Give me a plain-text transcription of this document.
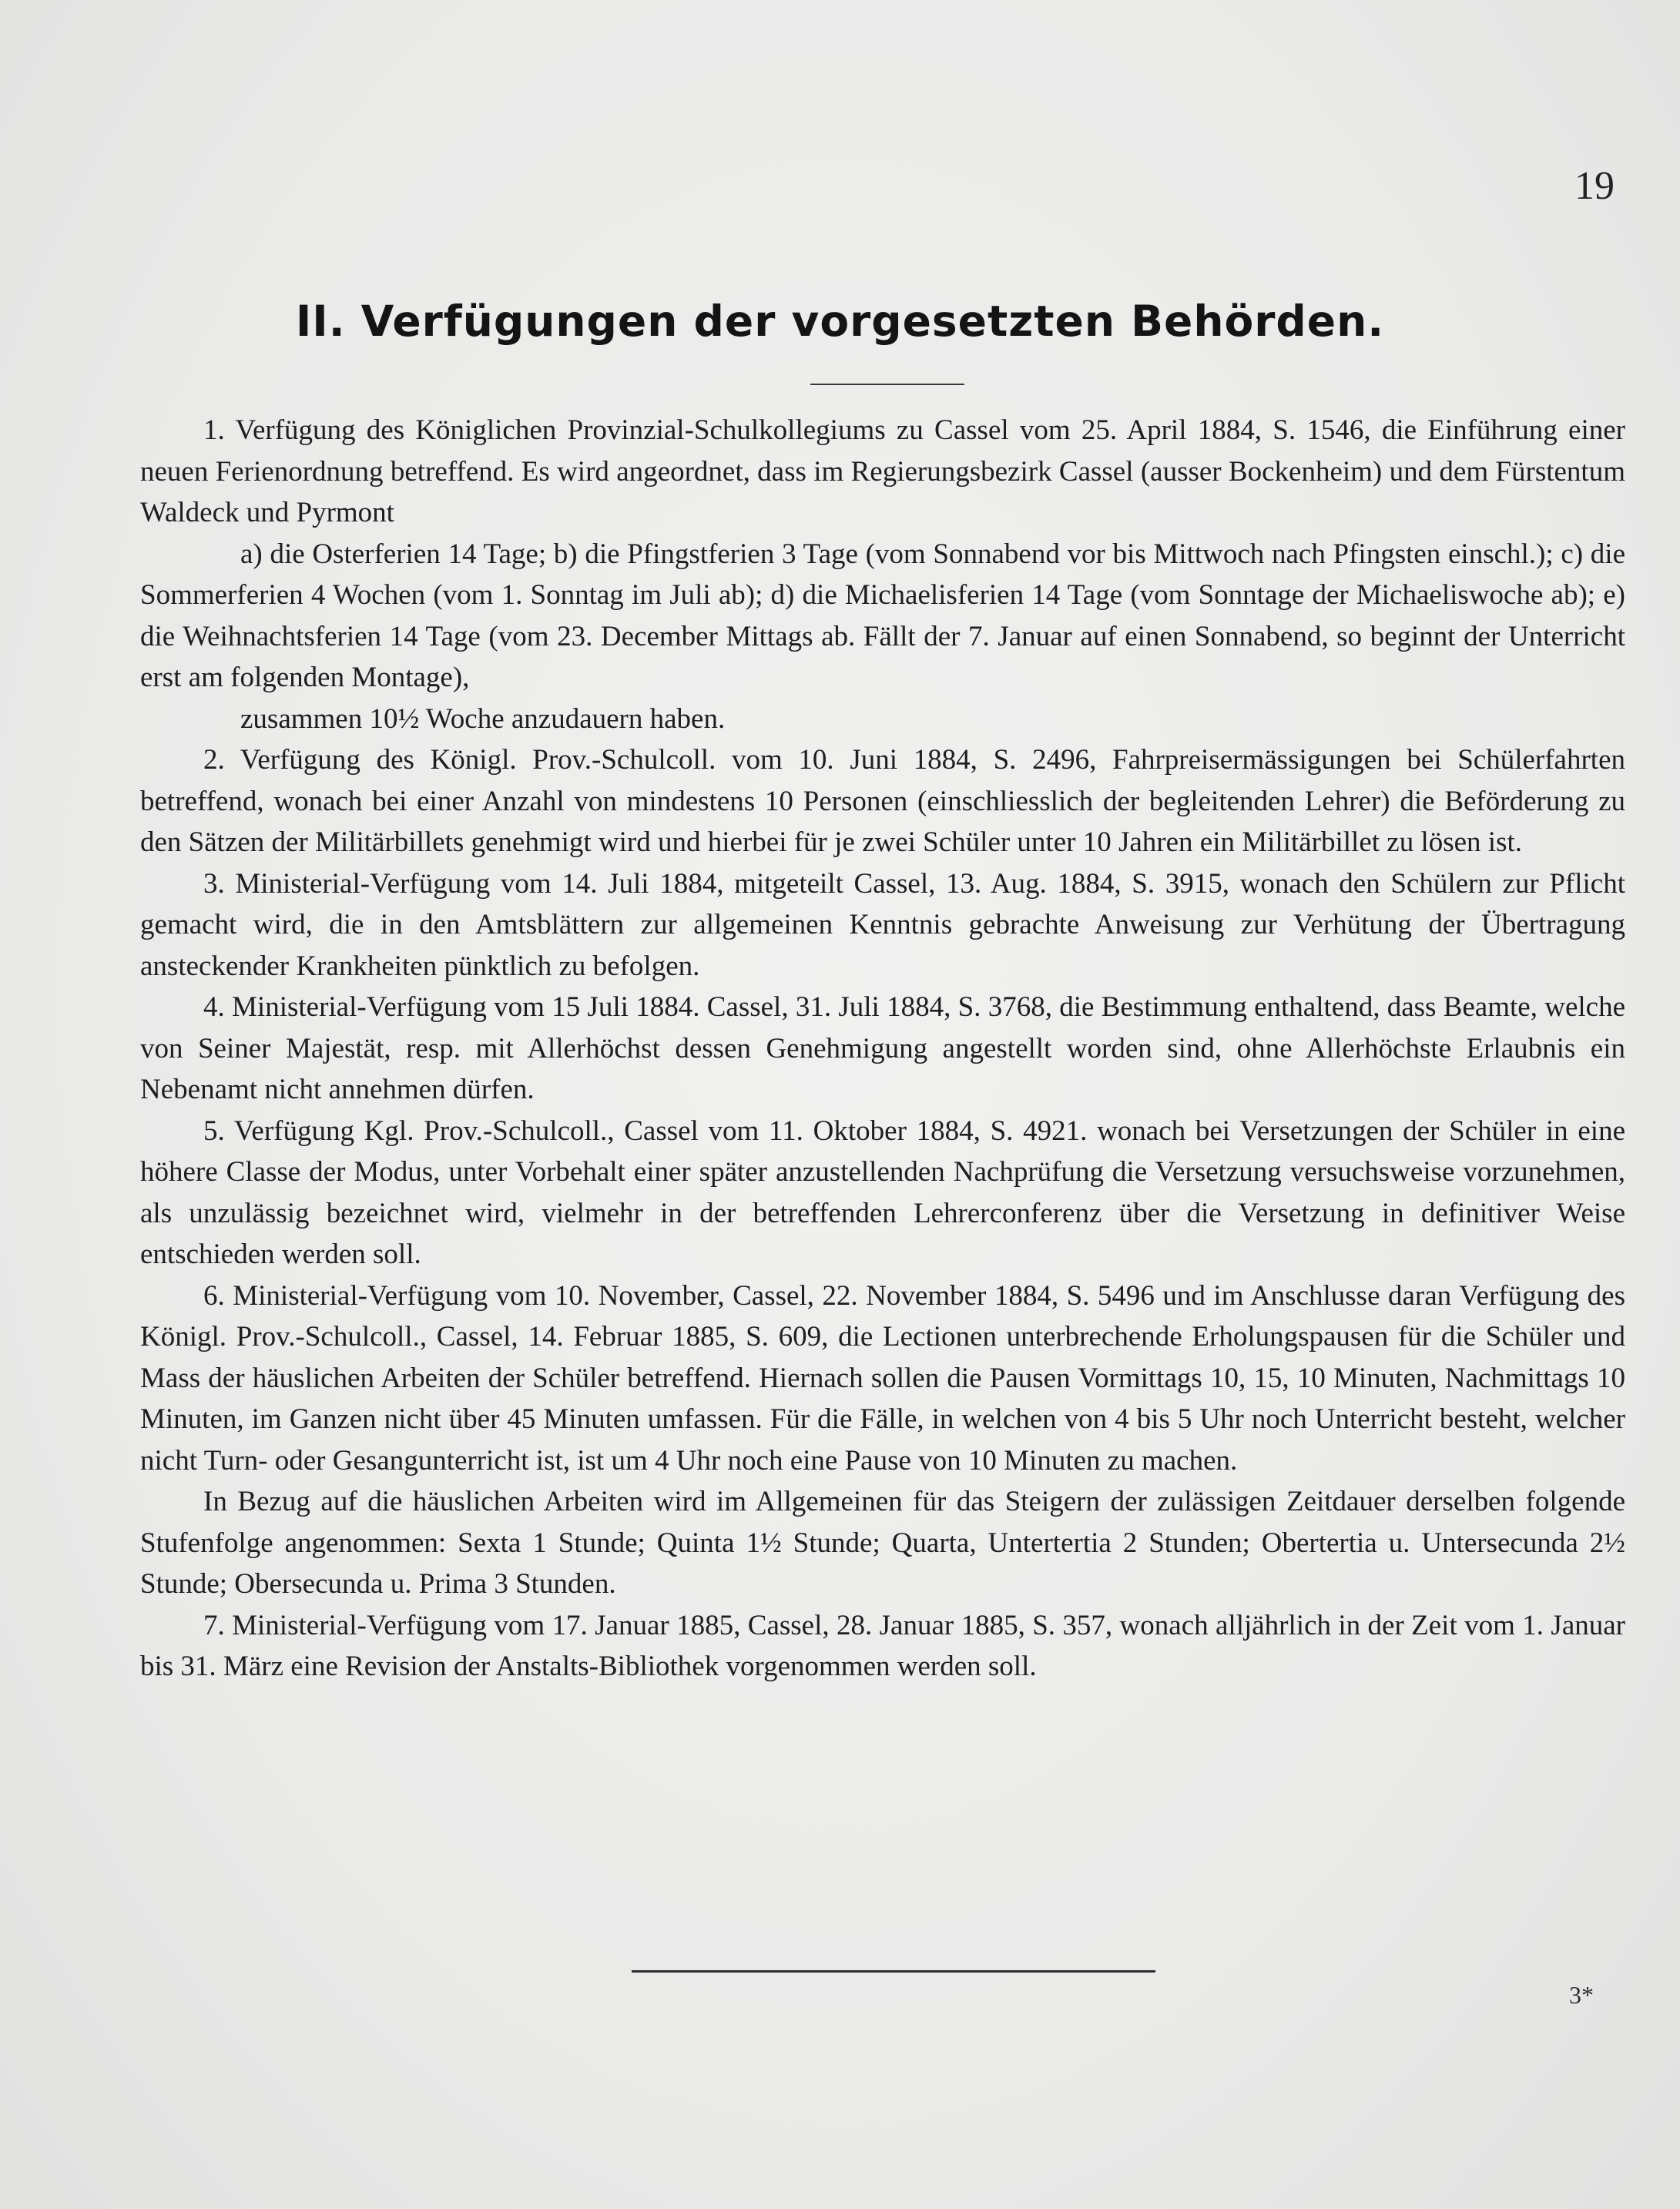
19
II. Verfügungen der vorgesetzten Behörden.

1. Verfügung des Königlichen Provinzial-Schulkollegiums zu Cassel vom 25. April 1884, S. 1546, die Einführung einer neuen Ferienordnung betreffend. Es wird angeordnet, dass im Regierungsbezirk Cassel (ausser Bockenheim) und dem Fürstentum Waldeck und Pyrmont

a) die Osterferien 14 Tage; b) die Pfingstferien 3 Tage (vom Sonnabend vor bis Mittwoch nach Pfingsten einschl.); c) die Sommerferien 4 Wochen (vom 1. Sonntag im Juli ab); d) die Michaelisferien 14 Tage (vom Sonntage der Michaeliswoche ab); e) die Weihnachtsferien 14 Tage (vom 23. December Mittags ab. Fällt der 7. Januar auf einen Sonnabend, so beginnt der Unterricht erst am folgenden Montage),

zusammen 10½ Woche anzudauern haben.

2. Verfügung des Königl. Prov.-Schulcoll. vom 10. Juni 1884, S. 2496, Fahrpreisermässigungen bei Schülerfahrten betreffend, wonach bei einer Anzahl von mindestens 10 Personen (einschliesslich der begleitenden Lehrer) die Beförderung zu den Sätzen der Militärbillets genehmigt wird und hierbei für je zwei Schüler unter 10 Jahren ein Militärbillet zu lösen ist.

3. Ministerial-Verfügung vom 14. Juli 1884, mitgeteilt Cassel, 13. Aug. 1884, S. 3915, wonach den Schülern zur Pflicht gemacht wird, die in den Amtsblättern zur allgemeinen Kenntnis gebrachte Anweisung zur Verhütung der Übertragung ansteckender Krankheiten pünktlich zu befolgen.

4. Ministerial-Verfügung vom 15 Juli 1884. Cassel, 31. Juli 1884, S. 3768, die Bestimmung enthaltend, dass Beamte, welche von Seiner Majestät, resp. mit Allerhöchst dessen Genehmigung angestellt worden sind, ohne Allerhöchste Erlaubnis ein Nebenamt nicht annehmen dürfen.

5. Verfügung Kgl. Prov.-Schulcoll., Cassel vom 11. Oktober 1884, S. 4921. wonach bei Versetzungen der Schüler in eine höhere Classe der Modus, unter Vorbehalt einer später anzustellenden Nachprüfung die Versetzung versuchsweise vorzunehmen, als unzulässig bezeichnet wird, vielmehr in der betreffenden Lehrerconferenz über die Versetzung in definitiver Weise entschieden werden soll.

6. Ministerial-Verfügung vom 10. November, Cassel, 22. November 1884, S. 5496 und im Anschlusse daran Verfügung des Königl. Prov.-Schulcoll., Cassel, 14. Februar 1885, S. 609, die Lectionen unterbrechende Erholungspausen für die Schüler und Mass der häuslichen Arbeiten der Schüler betreffend. Hiernach sollen die Pausen Vormittags 10, 15, 10 Minuten, Nachmittags 10 Minuten, im Ganzen nicht über 45 Minuten umfassen. Für die Fälle, in welchen von 4 bis 5 Uhr noch Unterricht besteht, welcher nicht Turn- oder Gesangunterricht ist, ist um 4 Uhr noch eine Pause von 10 Minuten zu machen.

In Bezug auf die häuslichen Arbeiten wird im Allgemeinen für das Steigern der zulässigen Zeitdauer derselben folgende Stufenfolge angenommen: Sexta 1 Stunde; Quinta 1½ Stunde; Quarta, Untertertia 2 Stunden; Obertertia u. Untersecunda 2½ Stunde; Obersecunda u. Prima 3 Stunden.

7. Ministerial-Verfügung vom 17. Januar 1885, Cassel, 28. Januar 1885, S. 357, wonach alljährlich in der Zeit vom 1. Januar bis 31. März eine Revision der Anstalts-Bibliothek vorgenommen werden soll.

3*
